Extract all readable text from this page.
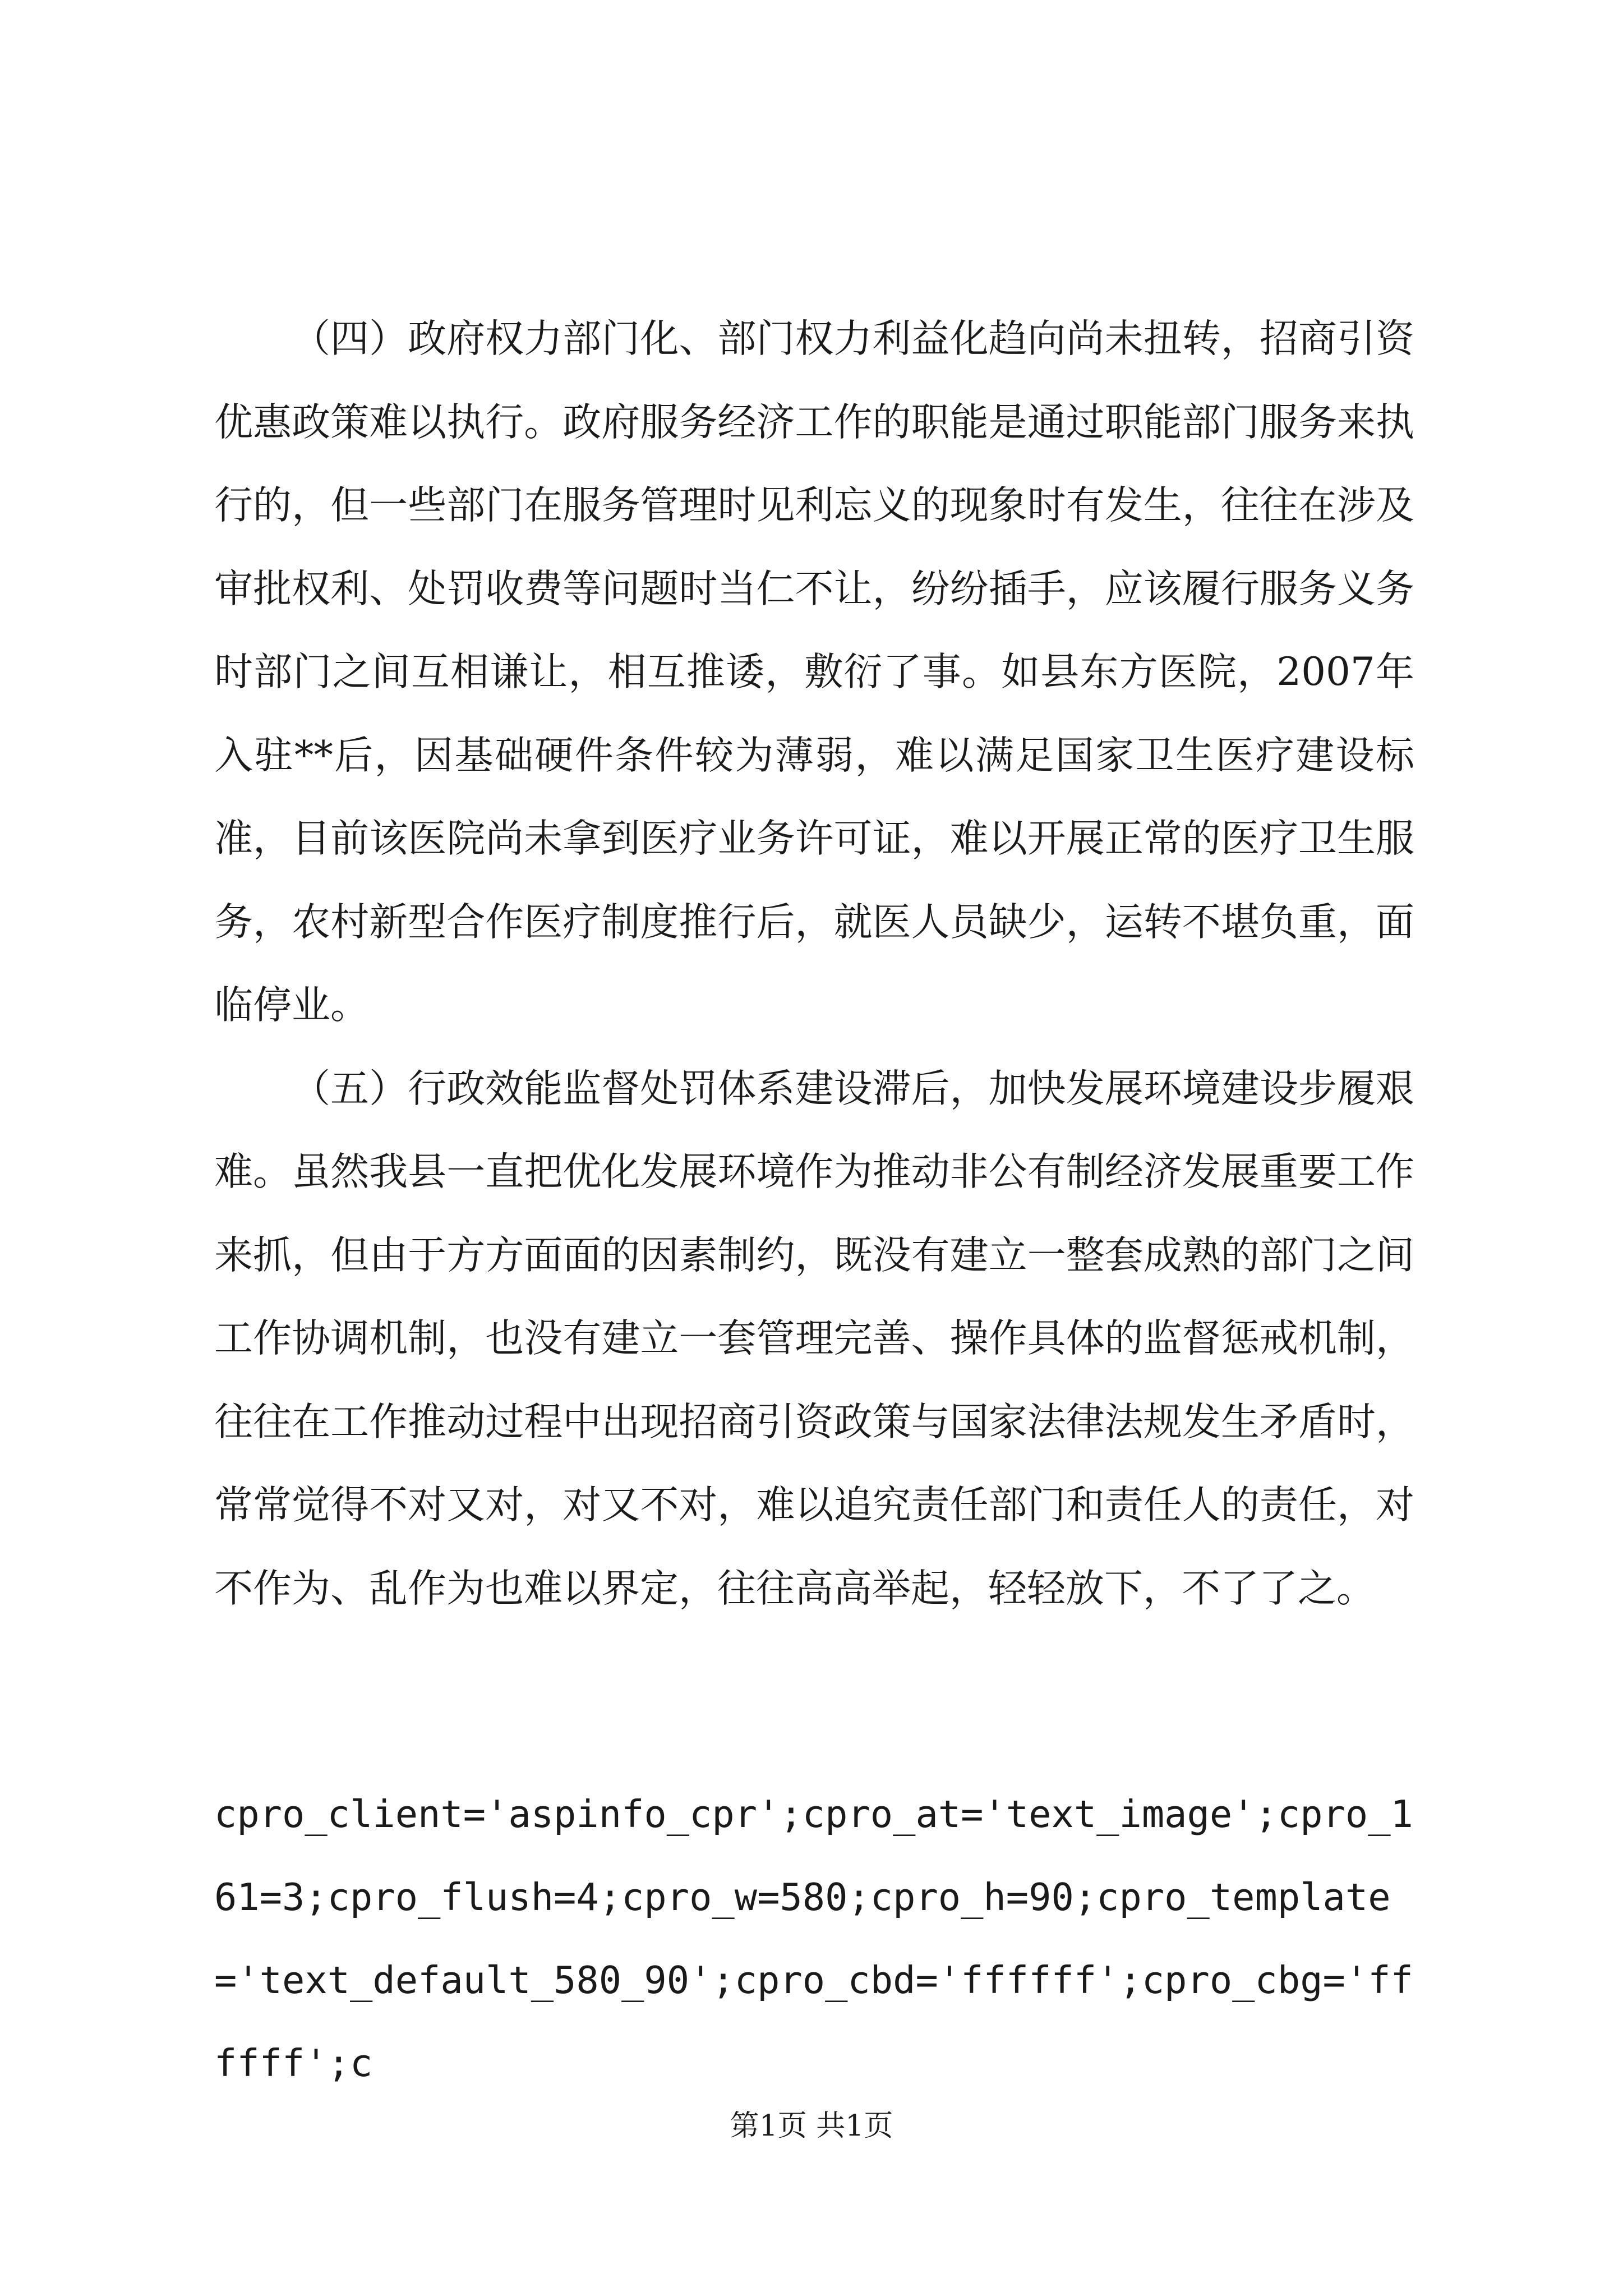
（四）政府权力部门化、部门权力利益化趋向尚未扭转，招商引资优惠政策难以执行。政府服务经济工作的职能是通过职能部门服务来执行的，但一些部门在服务管理时见利忘义的现象时有发生，往往在涉及审批权利、处罚收费等问题时当仁不让，纷纷插手，应该履行服务义务时部门之间互相谦让，相互推诿，敷衍了事。如县东方医院，2007年入驻**后，因基础硬件条件较为薄弱，难以满足国家卫生医疗建设标准，目前该医院尚未拿到医疗业务许可证，难以开展正常的医疗卫生服务，农村新型合作医疗制度推行后，就医人员缺少，运转不堪负重，面临停业。

（五）行政效能监督处罚体系建设滞后，加快发展环境建设步履艰难。虽然我县一直把优化发展环境作为推动非公有制经济发展重要工作来抓，但由于方方面面的因素制约，既没有建立一整套成熟的部门之间工作协调机制，也没有建立一套管理完善、操作具体的监督惩戒机制，往往在工作推动过程中出现招商引资政策与国家法律法规发生矛盾时，常常觉得不对又对，对又不对，难以追究责任部门和责任人的责任，对不作为、乱作为也难以界定，往往高高举起，轻轻放下，不了了之。

cpro_client='aspinfo_cpr';cpro_at='text_image';cpro_161=3;cpro_flush=4;cpro_w=580;cpro_h=90;cpro_template='text_default_580_90';cpro_cbd='ffffff';cpro_cbg='ffffff';c
第1页 共1页
